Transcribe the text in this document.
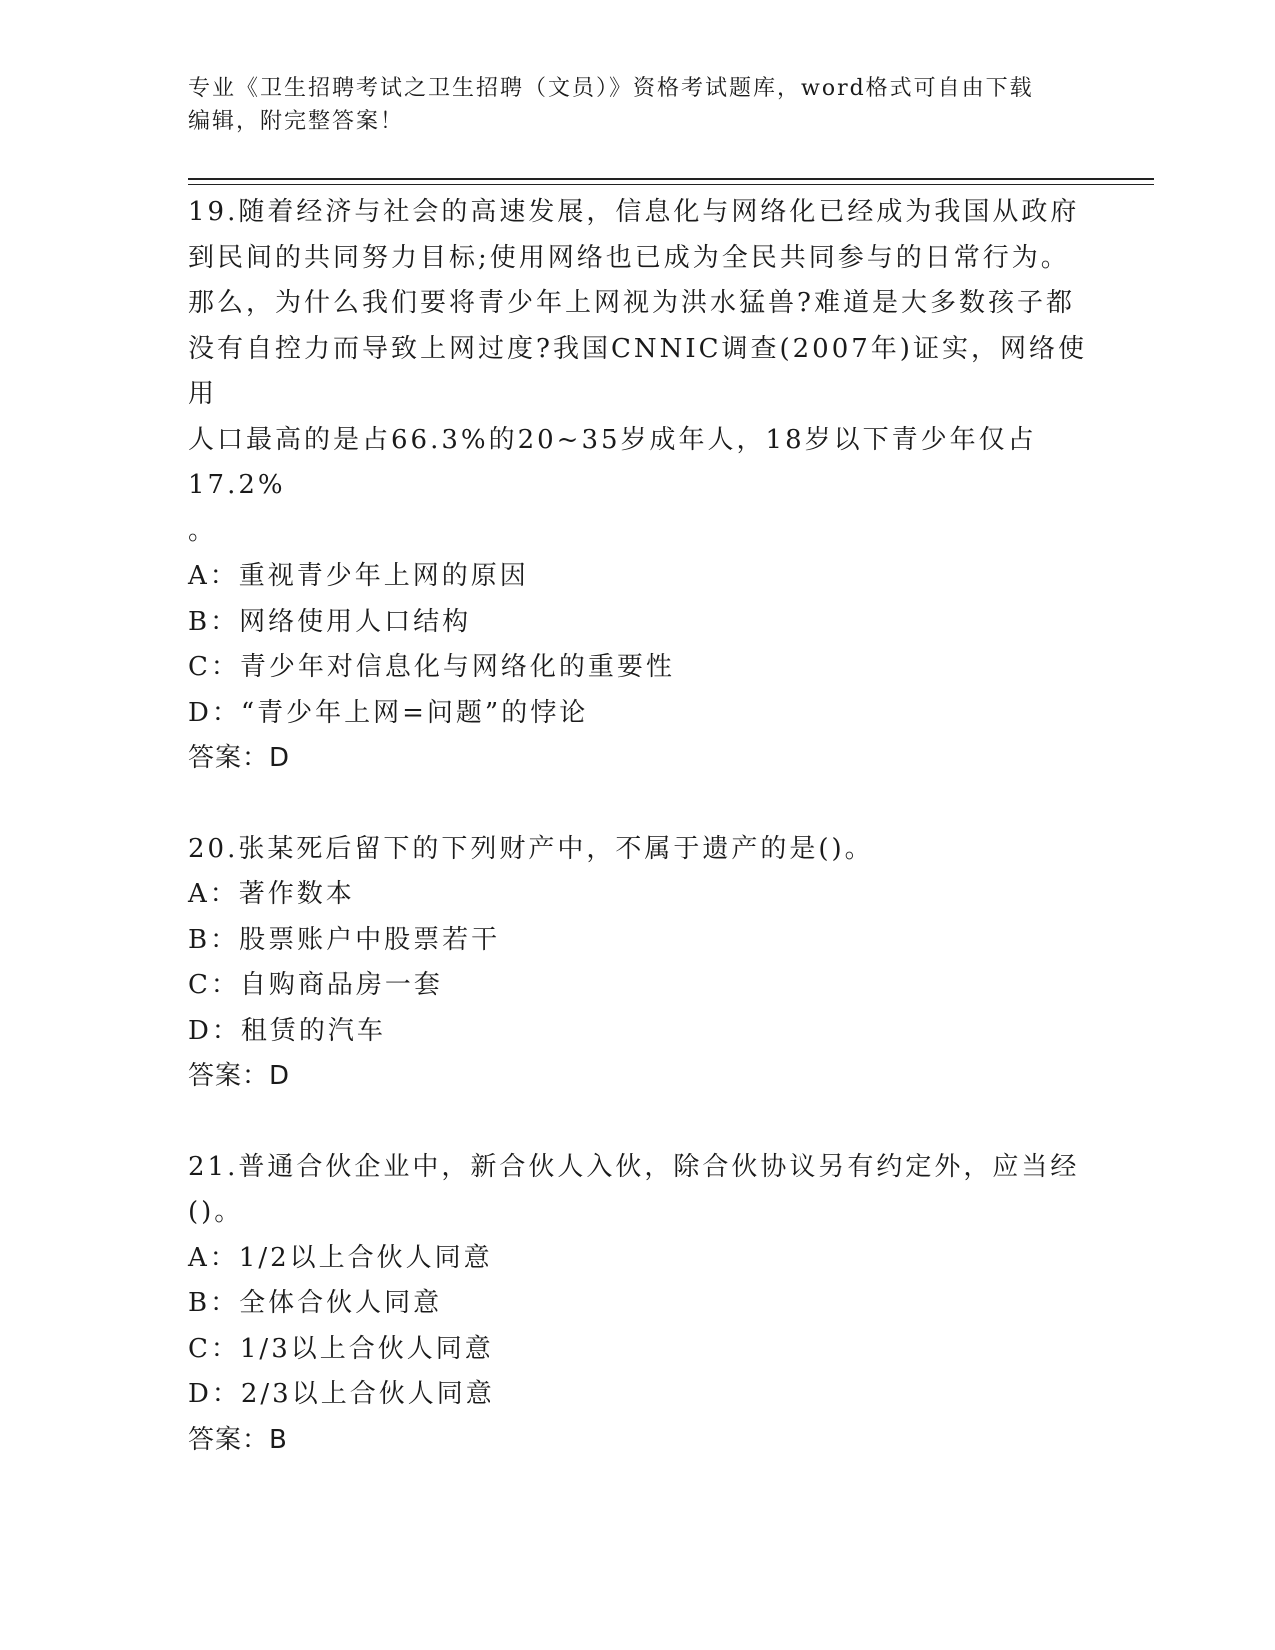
专业《卫生招聘考试之卫生招聘（文员）》资格考试题库，word格式可自由下载
编辑，附完整答案！
19.随着经济与社会的高速发展，信息化与网络化已经成为我国从政府
到民间的共同努力目标;使用网络也已成为全民共同参与的日常行为。
那么，为什么我们要将青少年上网视为洪水猛兽?难道是大多数孩子都
没有自控力而导致上网过度?我国CNNIC调查(2007年)证实，网络使用
人口最高的是占66.3%的20~35岁成年人，18岁以下青少年仅占17.2%
。
A：重视青少年上网的原因
B：网络使用人口结构
C：青少年对信息化与网络化的重要性
D：“青少年上网=问题”的悖论
答案：D
20.张某死后留下的下列财产中，不属于遗产的是()。
A：著作数本
B：股票账户中股票若干
C：自购商品房一套
D：租赁的汽车
答案：D
21.普通合伙企业中，新合伙人入伙，除合伙协议另有约定外，应当经
()。
A：1/2以上合伙人同意
B：全体合伙人同意
C：1/3以上合伙人同意
D：2/3以上合伙人同意
答案：B
